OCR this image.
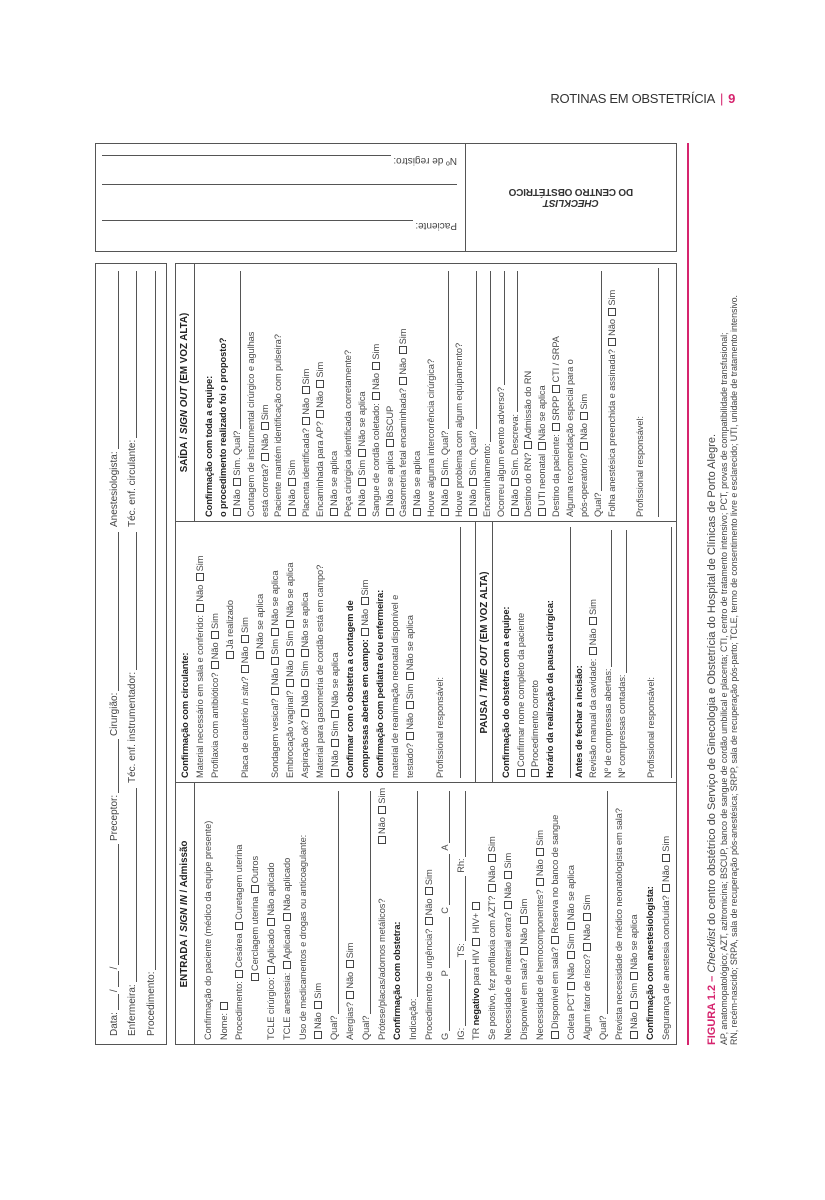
ROTINAS EM OBSTETRÍCIA | 9
CHECKLIST
DO CENTRO OBSTÉTRICO
Paciente:
Nº de registro:
Data:
/
/
Preceptor:
Cirurgião:
Anestesiologista:
Enfermeira:
Téc. enf. instrumentador:
Téc. enf. circulante:
Procedimento:
ENTRADA /
SIGN IN
/ Admissão
PAUSA /
TIME OUT
(EM VOZ ALTA)
SAÍDA /
SIGN OUT
(EM VOZ ALTA)
Confirmação do paciente (médico da equipe presente) Nome: Procedimento:
Cesárea
Curetagem uterina
Cerclagem uterina
Outros
TCLE cirúrgico:
Aplicado
Não aplicado
TCLE anestesia:
Aplicado
Não aplicado Uso de medicamentos e drogas ou anticoagulante: Não
Sim
Qual? Alergias?
Não
Sim
Qual? Prótese/placas/adornos metálicos?
Não
Sim
Confirmação com obstetra: Indicação: Procedimento de urgência?
Não
Sim
G
P
C
A
IG:
TS:
Rh:
TR
negativo
para HIV
HIV+ Se positivo, fez profilaxia com AZT?
Não
Sim
Necessidade de material extra?
Não
Sim
Disponível em sala?
Não
Sim Necessidade de hemocomponentes?
Não
Sim
Disponível em sala?
Reserva no banco de sangue
Coleta PCT
Não
Sim
Não se aplica
Algum fator de risco?
Não
Sim
Qual? Prevista necessidade de médico neonatologista em sala? Não
Sim
Não se aplica Confirmação com anestesiologista: Segurança de anestesia concluída?
Não
Sim
Confirmação com circulante: Material necessário em sala e conferido:
Não
Sim
Profilaxia com antibiótico?
Não
Sim Já realizado
Placa de cautério
in situ
?
Não
Sim Não se aplica
Sondagem vesical?
Não
Sim
Não se aplica
Embrocação vaginal?
Não
Sim
Não se aplica
Aspiração ok?
Não
Sim
Não se aplica Material para gasometria de cordão está em campo? Não
Sim
Não se aplica Confirmar com o obstetra a contagem de compressas abertas em campo:

Não
Sim
Confirmação com pediatra e/ou enfermeira: material de reanimação neonatal disponível e testado?
Não
Sim
Não se aplica
Profissional responsável:	Confirmação do obstetra com a equipe: Confirmar nome completo da paciente Procedimento correto Horário da realização da pausa cirúrgica: Antes de fechar a incisão: Revisão manual da cavidade:
Não
Sim
Nº de compressas abertas: Nº compressas contadas: Profissional responsável:
Confirmação com toda a equipe: o procedimento realizado foi o proposto? Não
Sim. Qual? Contagem de instrumental cirúrgico e agulhas está correta?
Não
Sim Paciente mantém identificação com pulseira? Não
Sim Placenta identificada?
Não
Sim
Encaminhada para AP?
Não
Sim
Não se aplica Peça cirúrgica identificada corretamente? Não
Sim
Não se aplica Sangue de cordão coletado:
Não
Sim
Não se aplica
BSCUP Gasometria fetal encaminhada?
Não
Sim
Não se aplica Houve alguma intercorrência cirúrgica? Não
Sim. Qual? Houve problema com algum equipamento? Não
Sim. Qual? Encaminhamento: Ocorreu algum evento adverso? Não
Sim. Descreva:
Destino do RN?
Admissão do RN
UTI neonatal
Não se aplica
Destino da paciente:
SRPP
CTI / SRPA Alguma recomendação especial para o pós-operatório?
Não
Sim
Qual? Folha anestésica preenchida e assinada?
Não
Sim
Profissional responsável:
FIGURA 1.2 – Checklist do centro obstétrico do Serviço de Ginecologia e Obstetrícia do Hospital de Clínicas de Porto Alegre. AP, anatomopatológico; AZT, azitromicina; BSCUP, banco de sangue de cordão umbilical e placenta; CTI, centro de tratamento intensivo; PCT, provas de compatibilidade transfusional; RN, recém-nascido; SRPA, sala de recuperação pós-anestésica; SRPP, sala de recuperação pós-parto; TCLE, termo de consentimento livre e esclarecido; UTI, unidade de tratamento intensivo.
